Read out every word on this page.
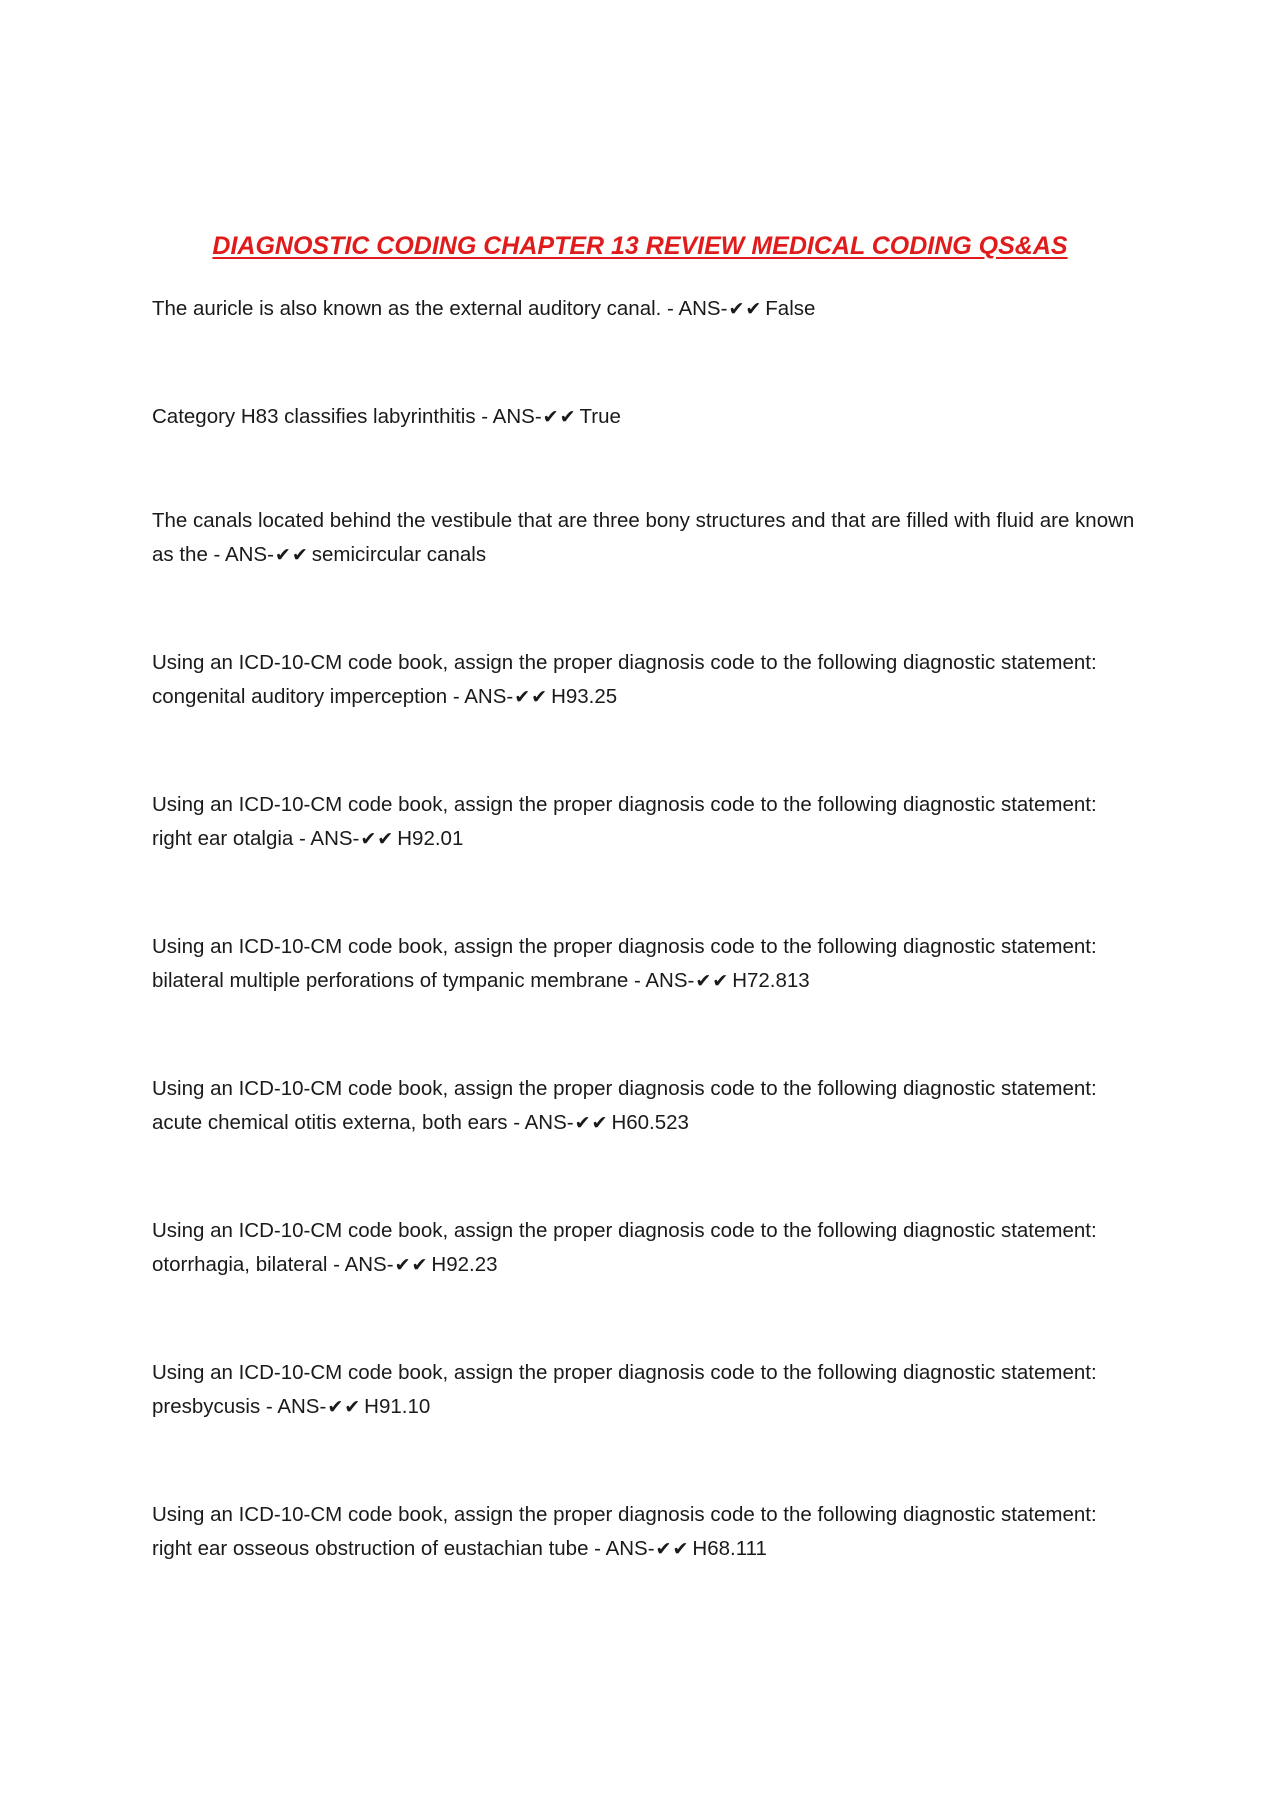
DIAGNOSTIC CODING CHAPTER 13 REVIEW MEDICAL CODING QS&AS
The auricle is also known as the external auditory canal. - ANS-✔✔ False
Category H83 classifies labyrinthitis - ANS-✔✔ True
The canals located behind the vestibule that are three bony structures and that are filled with fluid are known as the - ANS-✔✔ semicircular canals
Using an ICD-10-CM code book, assign the proper diagnosis code to the following diagnostic statement: congenital auditory imperception - ANS-✔✔ H93.25
Using an ICD-10-CM code book, assign the proper diagnosis code to the following diagnostic statement: right ear otalgia - ANS-✔✔ H92.01
Using an ICD-10-CM code book, assign the proper diagnosis code to the following diagnostic statement: bilateral multiple perforations of tympanic membrane - ANS-✔✔ H72.813
Using an ICD-10-CM code book, assign the proper diagnosis code to the following diagnostic statement: acute chemical otitis externa, both ears - ANS-✔✔ H60.523
Using an ICD-10-CM code book, assign the proper diagnosis code to the following diagnostic statement: otorrhagia, bilateral - ANS-✔✔ H92.23
Using an ICD-10-CM code book, assign the proper diagnosis code to the following diagnostic statement: presbycusis - ANS-✔✔ H91.10
Using an ICD-10-CM code book, assign the proper diagnosis code to the following diagnostic statement: right ear osseous obstruction of eustachian tube - ANS-✔✔ H68.111
